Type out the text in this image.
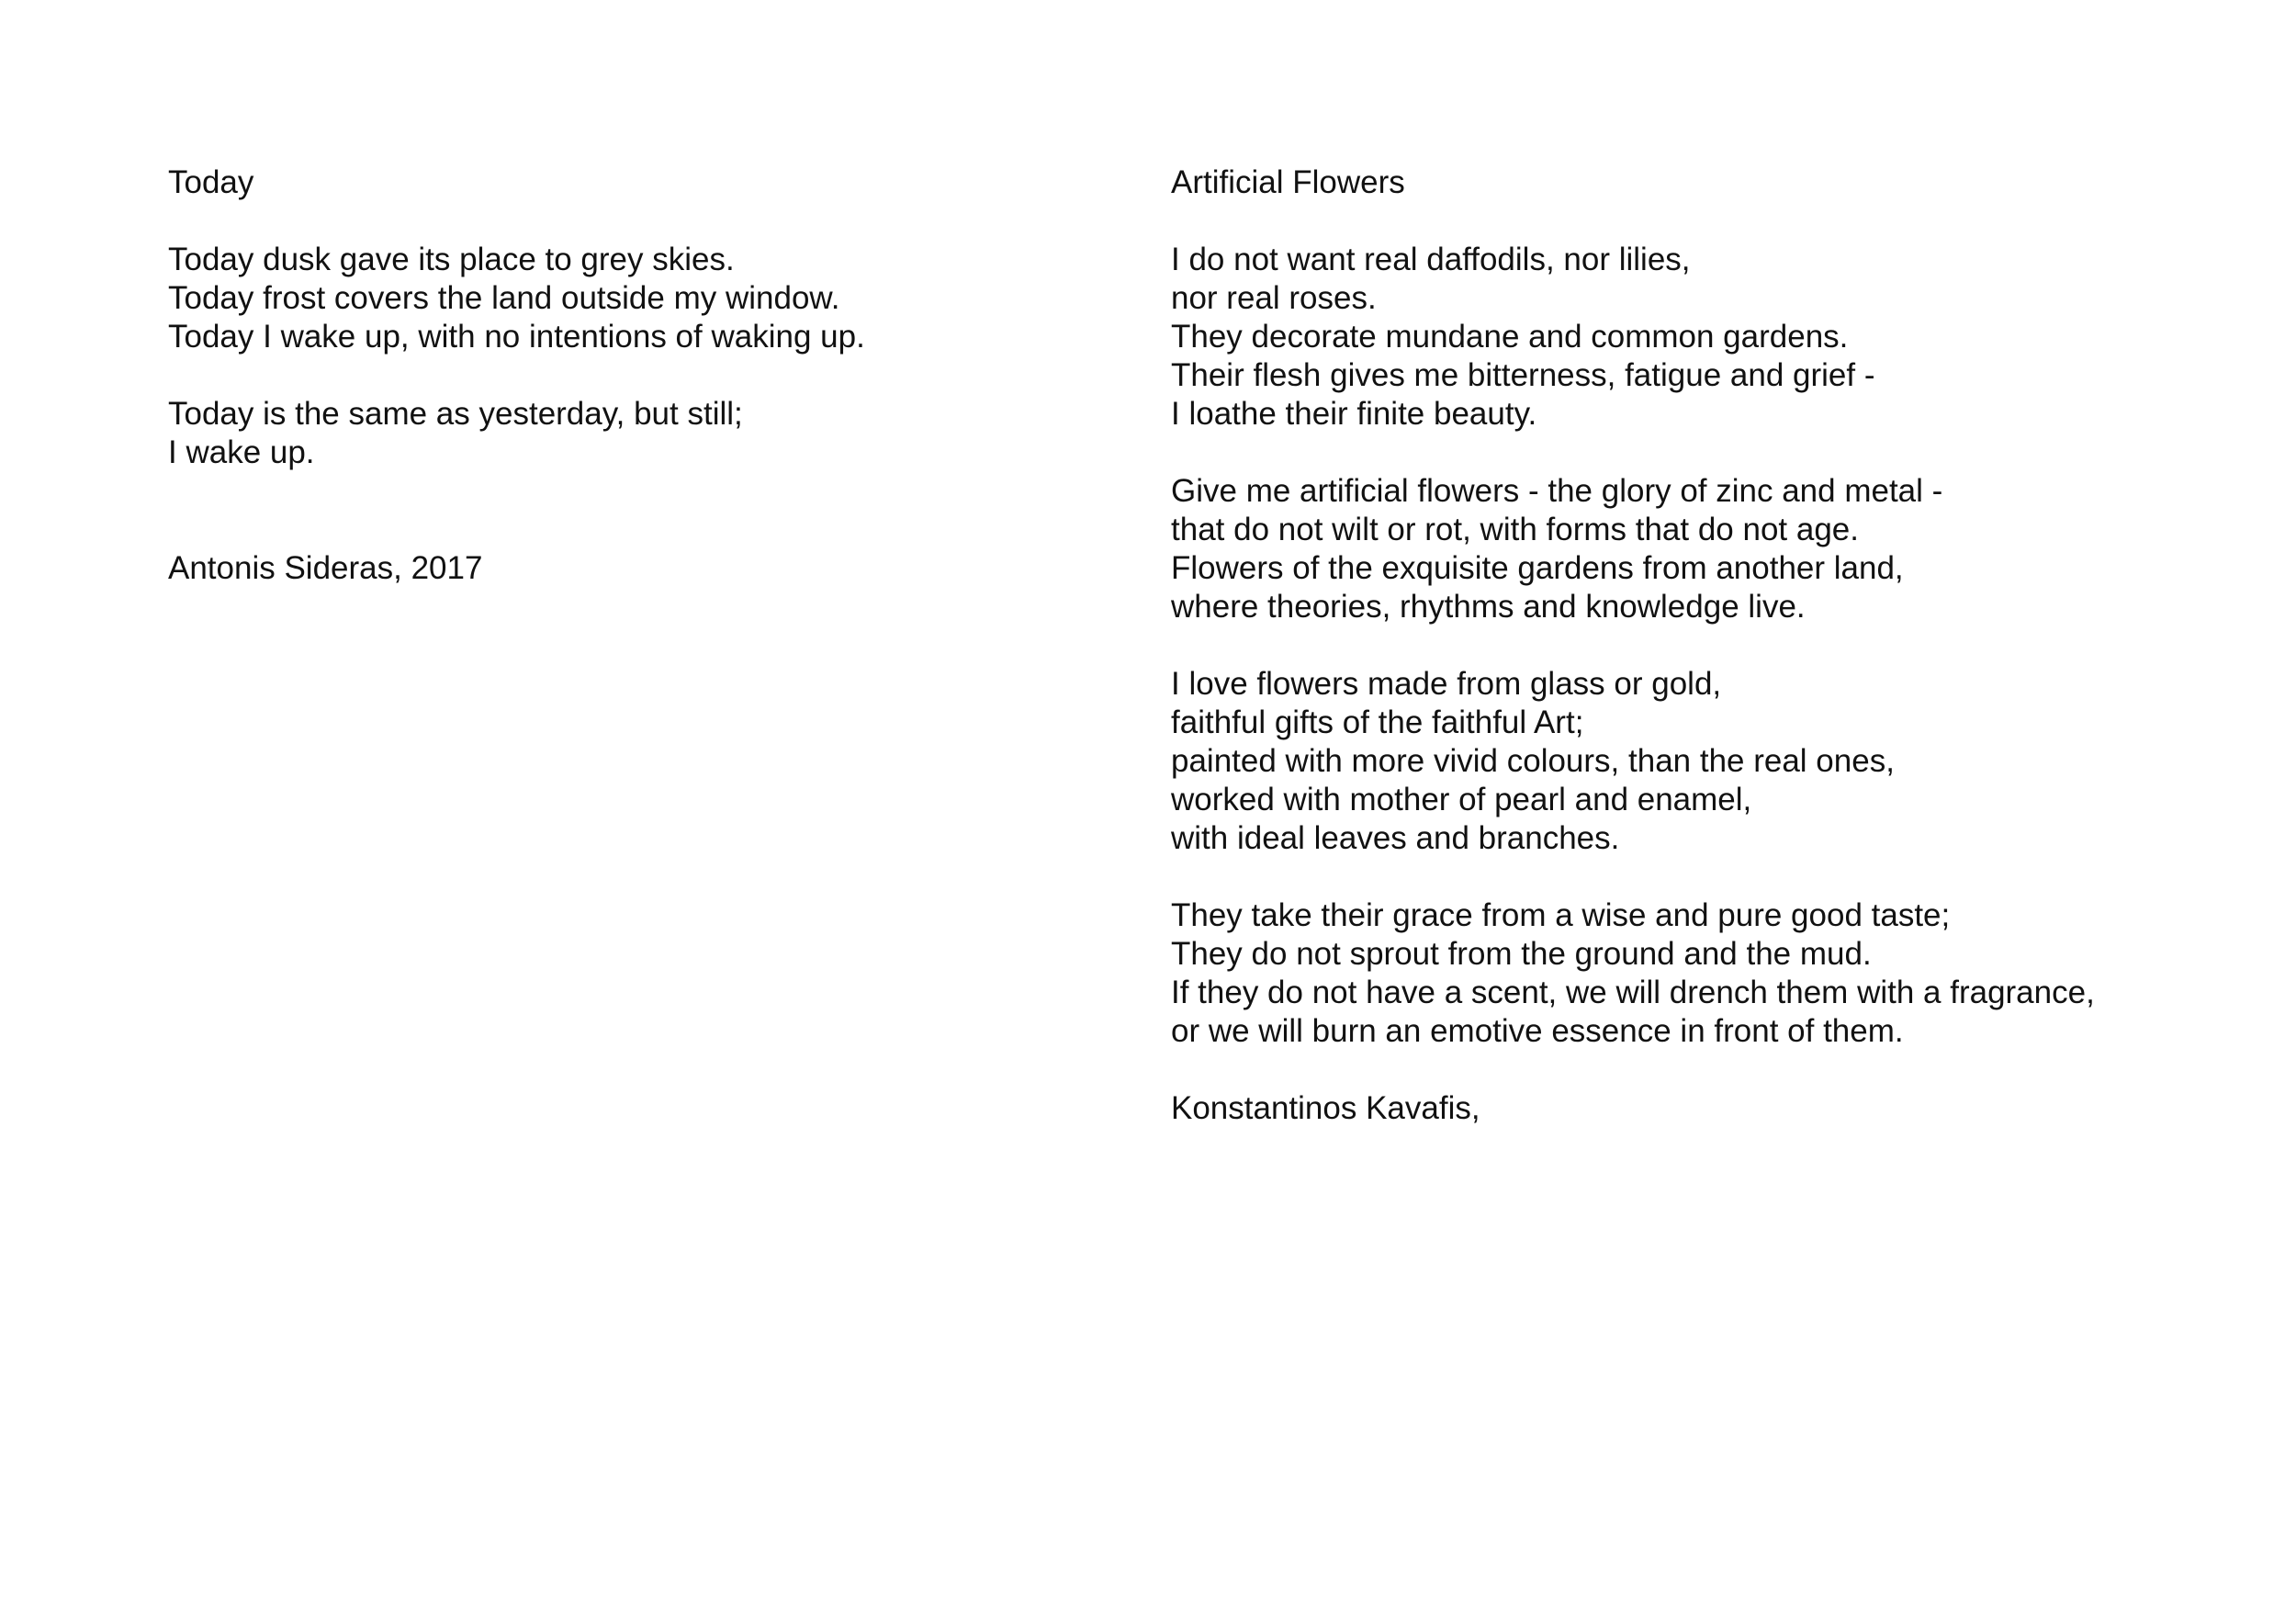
Today
Today dusk gave its place to grey skies.
Today frost covers the land outside my window.
Today I wake up, with no intentions of waking up.
Today is the same as yesterday, but still;
I wake up.
Antonis Sideras, 2017
Artificial Flowers
I do not want real daffodils, nor lilies,
nor real roses.
They decorate mundane and common gardens.
Their flesh gives me bitterness, fatigue and grief -
I loathe their finite beauty.
Give me artificial flowers - the glory of zinc and metal -
that do not wilt or rot, with forms that do not age.
Flowers of the exquisite gardens from another land,
where theories, rhythms and knowledge live.
I love flowers made from glass or gold,
faithful gifts of the faithful Art;
painted with more vivid colours, than the real ones,
worked with mother of pearl and enamel,
with ideal leaves and branches.
They take their grace from a wise and pure good taste;
They do not sprout from the ground and the mud.
If they do not have a scent, we will drench them with a fragrance,
or we will burn an emotive essence in front of them.
Konstantinos Kavafis,
